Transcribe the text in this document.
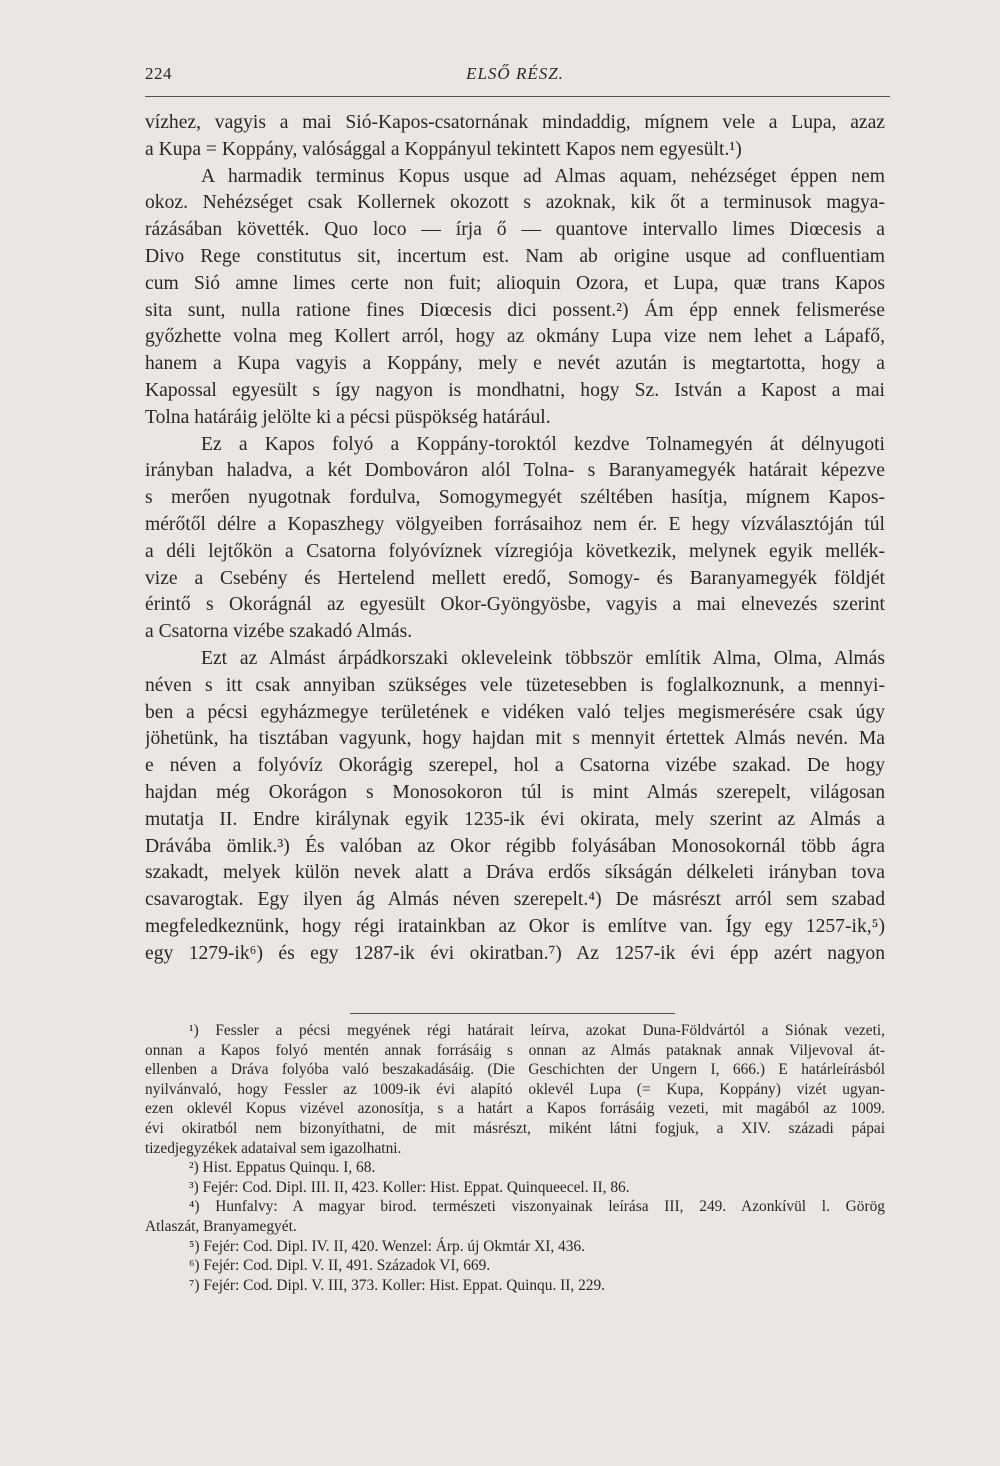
224	ELSŐ RÉSZ.
vízhez, vagyis a mai Sió-Kapos-csatornának mindaddig, mígnem vele a Lupa, azaz
a Kupa = Koppány, valósággal a Koppányul tekintett Kapos nem egyesült.¹)
A harmadik terminus Kopus usque ad Almas aquam, nehézséget éppen nem
okoz. Nehézséget csak Kollernek okozott s azoknak, kik őt a terminusok magya-
rázásában követték. Quo loco — írja ő — quantove intervallo limes Diœcesis a
Divo Rege constitutus sit, incertum est. Nam ab origine usque ad confluentiam
cum Sió amne limes certe non fuit; alioquin Ozora, et Lupa, quæ trans Kapos
sita sunt, nulla ratione fines Diœcesis dici possent.²) Ám épp ennek felismerése
győzhette volna meg Kollert arról, hogy az okmány Lupa vize nem lehet a Lápafő,
hanem a Kupa vagyis a Koppány, mely e nevét azután is megtartotta, hogy a
Kapossal egyesült s így nagyon is mondhatni, hogy Sz. István a Kapost a mai
Tolna határáig jelölte ki a pécsi püspökség határául.
Ez a Kapos folyó a Koppány-toroktól kezdve Tolnamegyén át délnyugoti
irányban haladva, a két Dombováron alól Tolna- s Baranyamegyék határait képezve
s merően nyugotnak fordulva, Somogymegyét széltében hasítja, mígnem Kapos-
mérőtől délre a Kopaszhegy völgyeiben forrásaihoz nem ér. E hegy vízválasztóján túl
a déli lejtőkön a Csatorna folyóvíznek vízregiója következik, melynek egyik mellék-
vize a Csebény és Hertelend mellett eredő, Somogy- és Baranyamegyék földjét
érintő s Okorágnál az egyesült Okor-Gyöngyösbe, vagyis a mai elnevezés szerint
a Csatorna vizébe szakadó Almás.
Ezt az Almást árpádkorszaki okleveleink többször említik Alma, Olma, Almás
néven s itt csak annyiban szükséges vele tüzetesebben is foglalkoznunk, a mennyi-
ben a pécsi egyházmegye területének e vidéken való teljes megismerésére csak úgy
jöhetünk, ha tisztában vagyunk, hogy hajdan mit s mennyit értettek Almás nevén. Ma
e néven a folyóvíz Okorágig szerepel, hol a Csatorna vizébe szakad. De hogy
hajdan még Okorágon s Monosokoron túl is mint Almás szerepelt, világosan
mutatja II. Endre királynak egyik 1235-ik évi okirata, mely szerint az Almás a
Drávába ömlik.³) És valóban az Okor régibb folyásában Monosokornál több ágra
szakadt, melyek külön nevek alatt a Dráva erdős síkságán délkeleti irányban tova
csavarogtak. Egy ilyen ág Almás néven szerepelt.⁴) De másrészt arról sem szabad
megfeledkeznünk, hogy régi iratainkban az Okor is említve van. Így egy 1257-ik,⁵)
egy 1279-ik⁶) és egy 1287-ik évi okiratban.⁷) Az 1257-ik évi épp azért nagyon
¹) Fessler a pécsi megyének régi határait leírva, azokat Duna-Földvártól a Siónak vezeti,
onnan a Kapos folyó mentén annak forrásáig s onnan az Almás pataknak annak Viljevoval át-
ellenben a Dráva folyóba való beszakadásáig. (Die Geschichten der Ungern I, 666.) E határleírásból
nyilvánvaló, hogy Fessler az 1009-ik évi alapító oklevél Lupa (= Kupa, Koppány) vizét ugyan-
ezen oklevél Kopus vizével azonosítja, s a határt a Kapos forrásáig vezeti, mit magából az 1009.
évi okiratból nem bizonyíthatni, de mit másrészt, miként látni fogjuk, a XIV. századi pápai
tizedjegyzékek adataival sem igazolhatni.
²) Hist. Eppatus Quinqu. I, 68.
³) Fejér: Cod. Dipl. III. II, 423. Koller: Hist. Eppat. Quinqueecel. II, 86.
⁴) Hunfalvy: A magyar birod. természeti viszonyainak leírása III, 249. Azonkívül l. Görög
Atlaszát, Branyamegyét.
⁵) Fejér: Cod. Dipl. IV. II, 420. Wenzel: Árp. új Okmtár XI, 436.
⁶) Fejér: Cod. Dipl. V. II, 491. Századok VI, 669.
⁷) Fejér: Cod. Dipl. V. III, 373. Koller: Hist. Eppat. Quinqu. II, 229.
